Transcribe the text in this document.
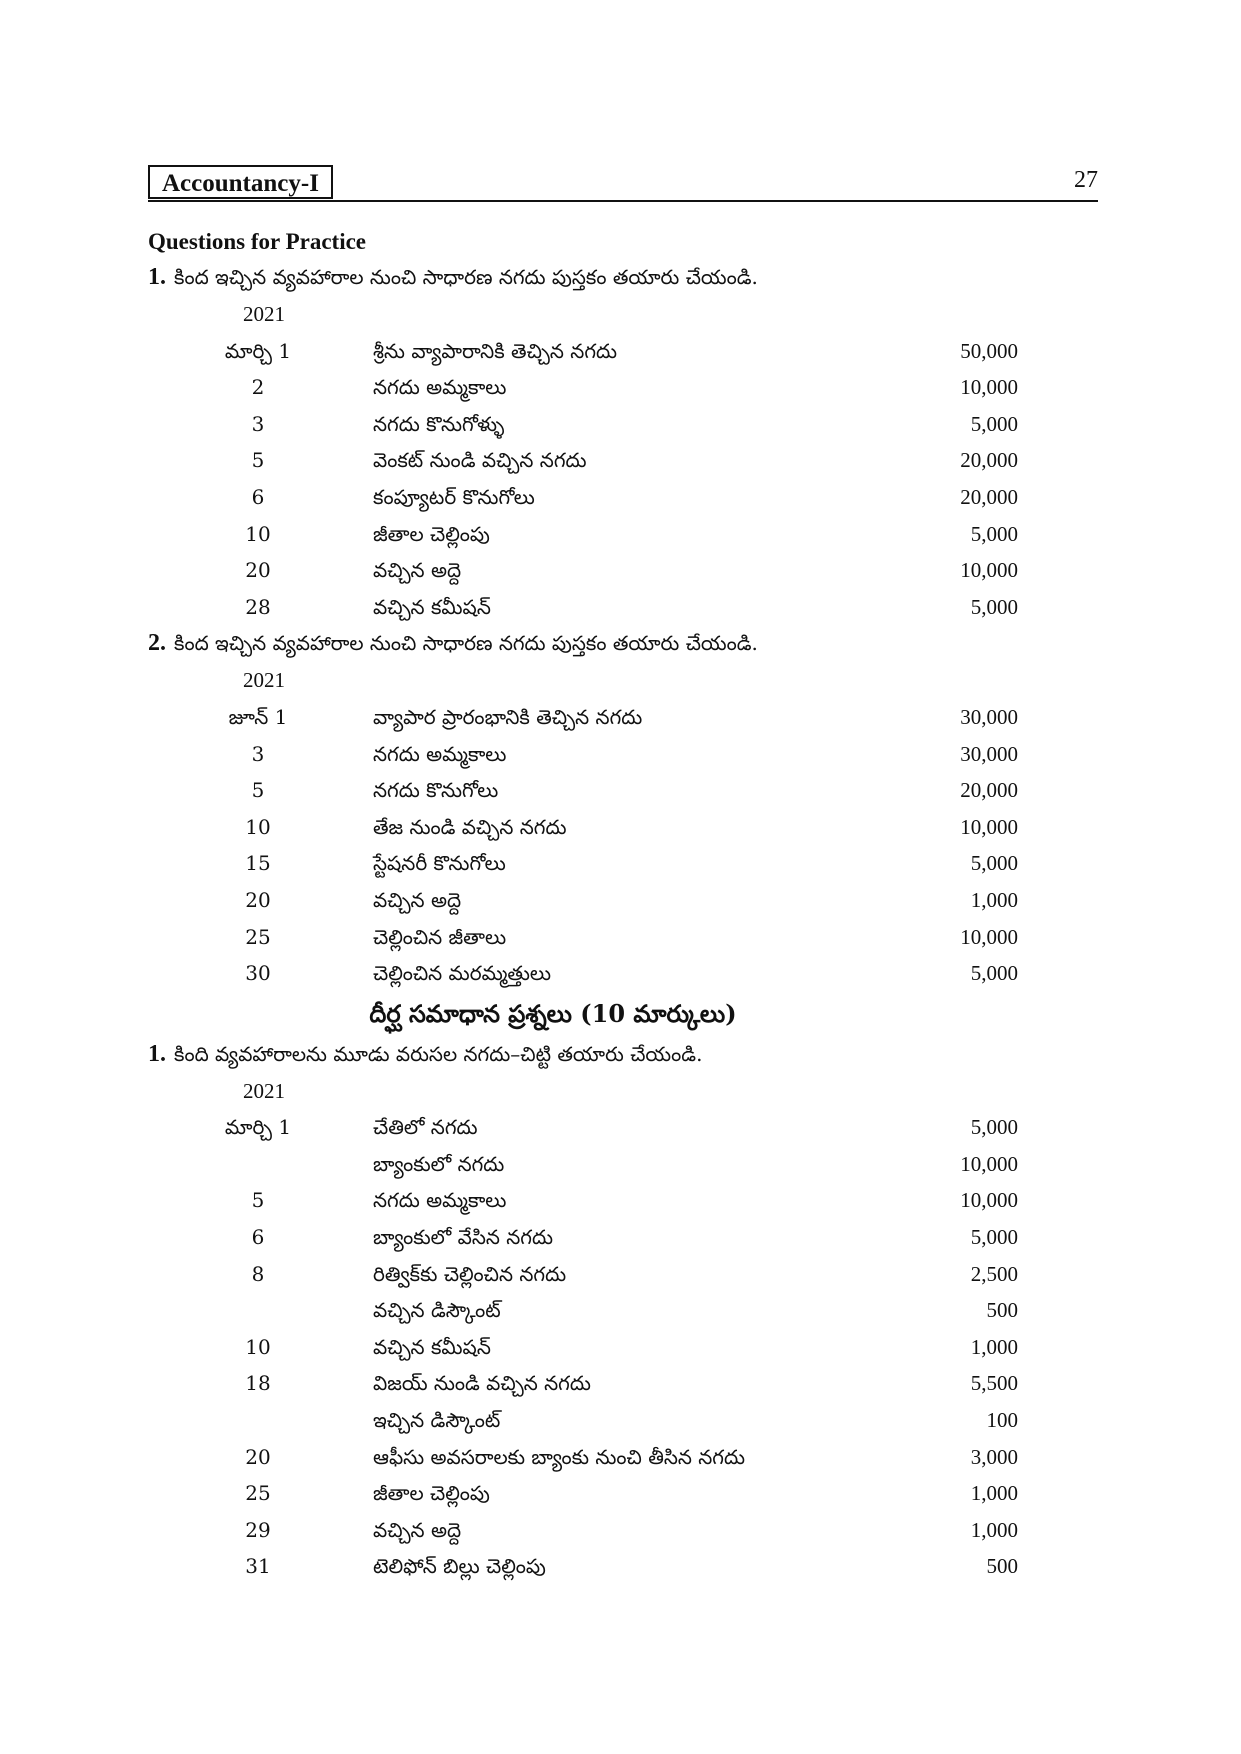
Accountancy-I	27
Questions for Practice
1. కింద ఇచ్చిన వ్యవహారాల నుంచి సాధారణ నగదు పుస్తకం తయారు చేయండి.
2021
మార్చి 1	శ్రీను వ్యాపారానికి తెచ్చిన నగదు	50,000
2	నగదు అమ్మకాలు	10,000
3	నగదు కొనుగోళ్ళు	5,000
5	వెంకట్ నుండి వచ్చిన నగదు	20,000
6	కంప్యూటర్ కొనుగోలు	20,000
10	జీతాల చెల్లింపు	5,000
20	వచ్చిన అద్దె	10,000
28	వచ్చిన కమీషన్	5,000
2. కింద ఇచ్చిన వ్యవహారాల నుంచి సాధారణ నగదు పుస్తకం తయారు చేయండి.
2021
జూన్ 1	వ్యాపార ప్రారంభానికి తెచ్చిన నగదు	30,000
3	నగదు అమ్మకాలు	30,000
5	నగదు కొనుగోలు	20,000
10	తేజ నుండి వచ్చిన నగదు	10,000
15	స్టేషనరీ కొనుగోలు	5,000
20	వచ్చిన అద్దె	1,000
25	చెల్లించిన జీతాలు	10,000
30	చెల్లించిన మరమ్మత్తులు	5,000
దీర్ఘ సమాధాన ప్రశ్నలు (10 మార్కులు)
1. కింది వ్యవహారాలను మూడు వరుసల నగదు–చిట్టి తయారు చేయండి.
2021
మార్చి 1	చేతిలో నగదు	5,000
బ్యాంకులో నగదు	10,000
5	నగదు అమ్మకాలు	10,000
6	బ్యాంకులో వేసిన నగదు	5,000
8	రిత్విక్‌కు చెల్లించిన నగదు	2,500
వచ్చిన డిస్కౌంట్	500
10	వచ్చిన కమీషన్	1,000
18	విజయ్ నుండి వచ్చిన నగదు	5,500
ఇచ్చిన డిస్కౌంట్	100
20	ఆఫీసు అవసరాలకు బ్యాంకు నుంచి తీసిన నగదు	3,000
25	జీతాల చెల్లింపు	1,000
29	వచ్చిన అద్దె	1,000
31	టెలిఫోన్ బిల్లు చెల్లింపు	500
